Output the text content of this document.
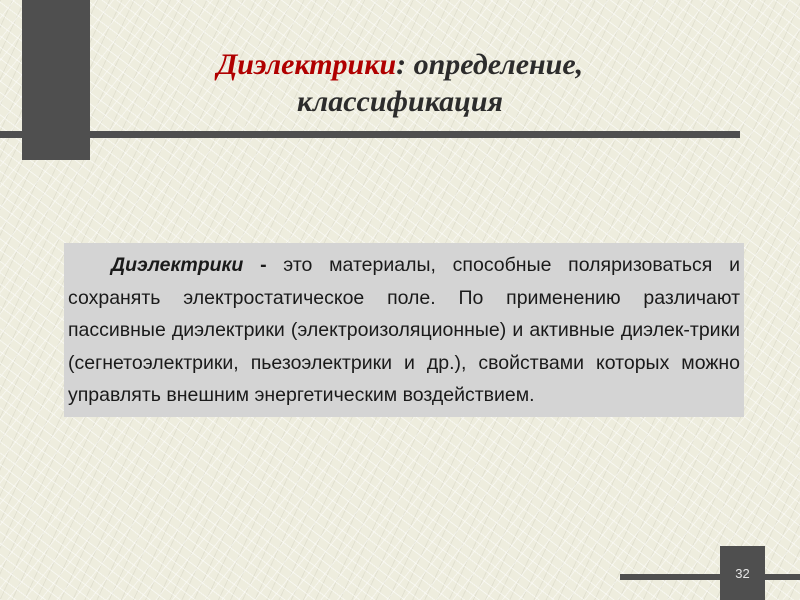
Диэлектрики: определение,
классификация

Диэлектрики - это материалы, способные поляризоваться и сохранять электростатическое поле. По применению различают пассивные диэлектрики (электроизоляционные) и активные диэлек-трики (сегнетоэлектрики, пьезоэлектрики и др.), свойствами которых можно управлять внешним энергетическим воздействием.

32
